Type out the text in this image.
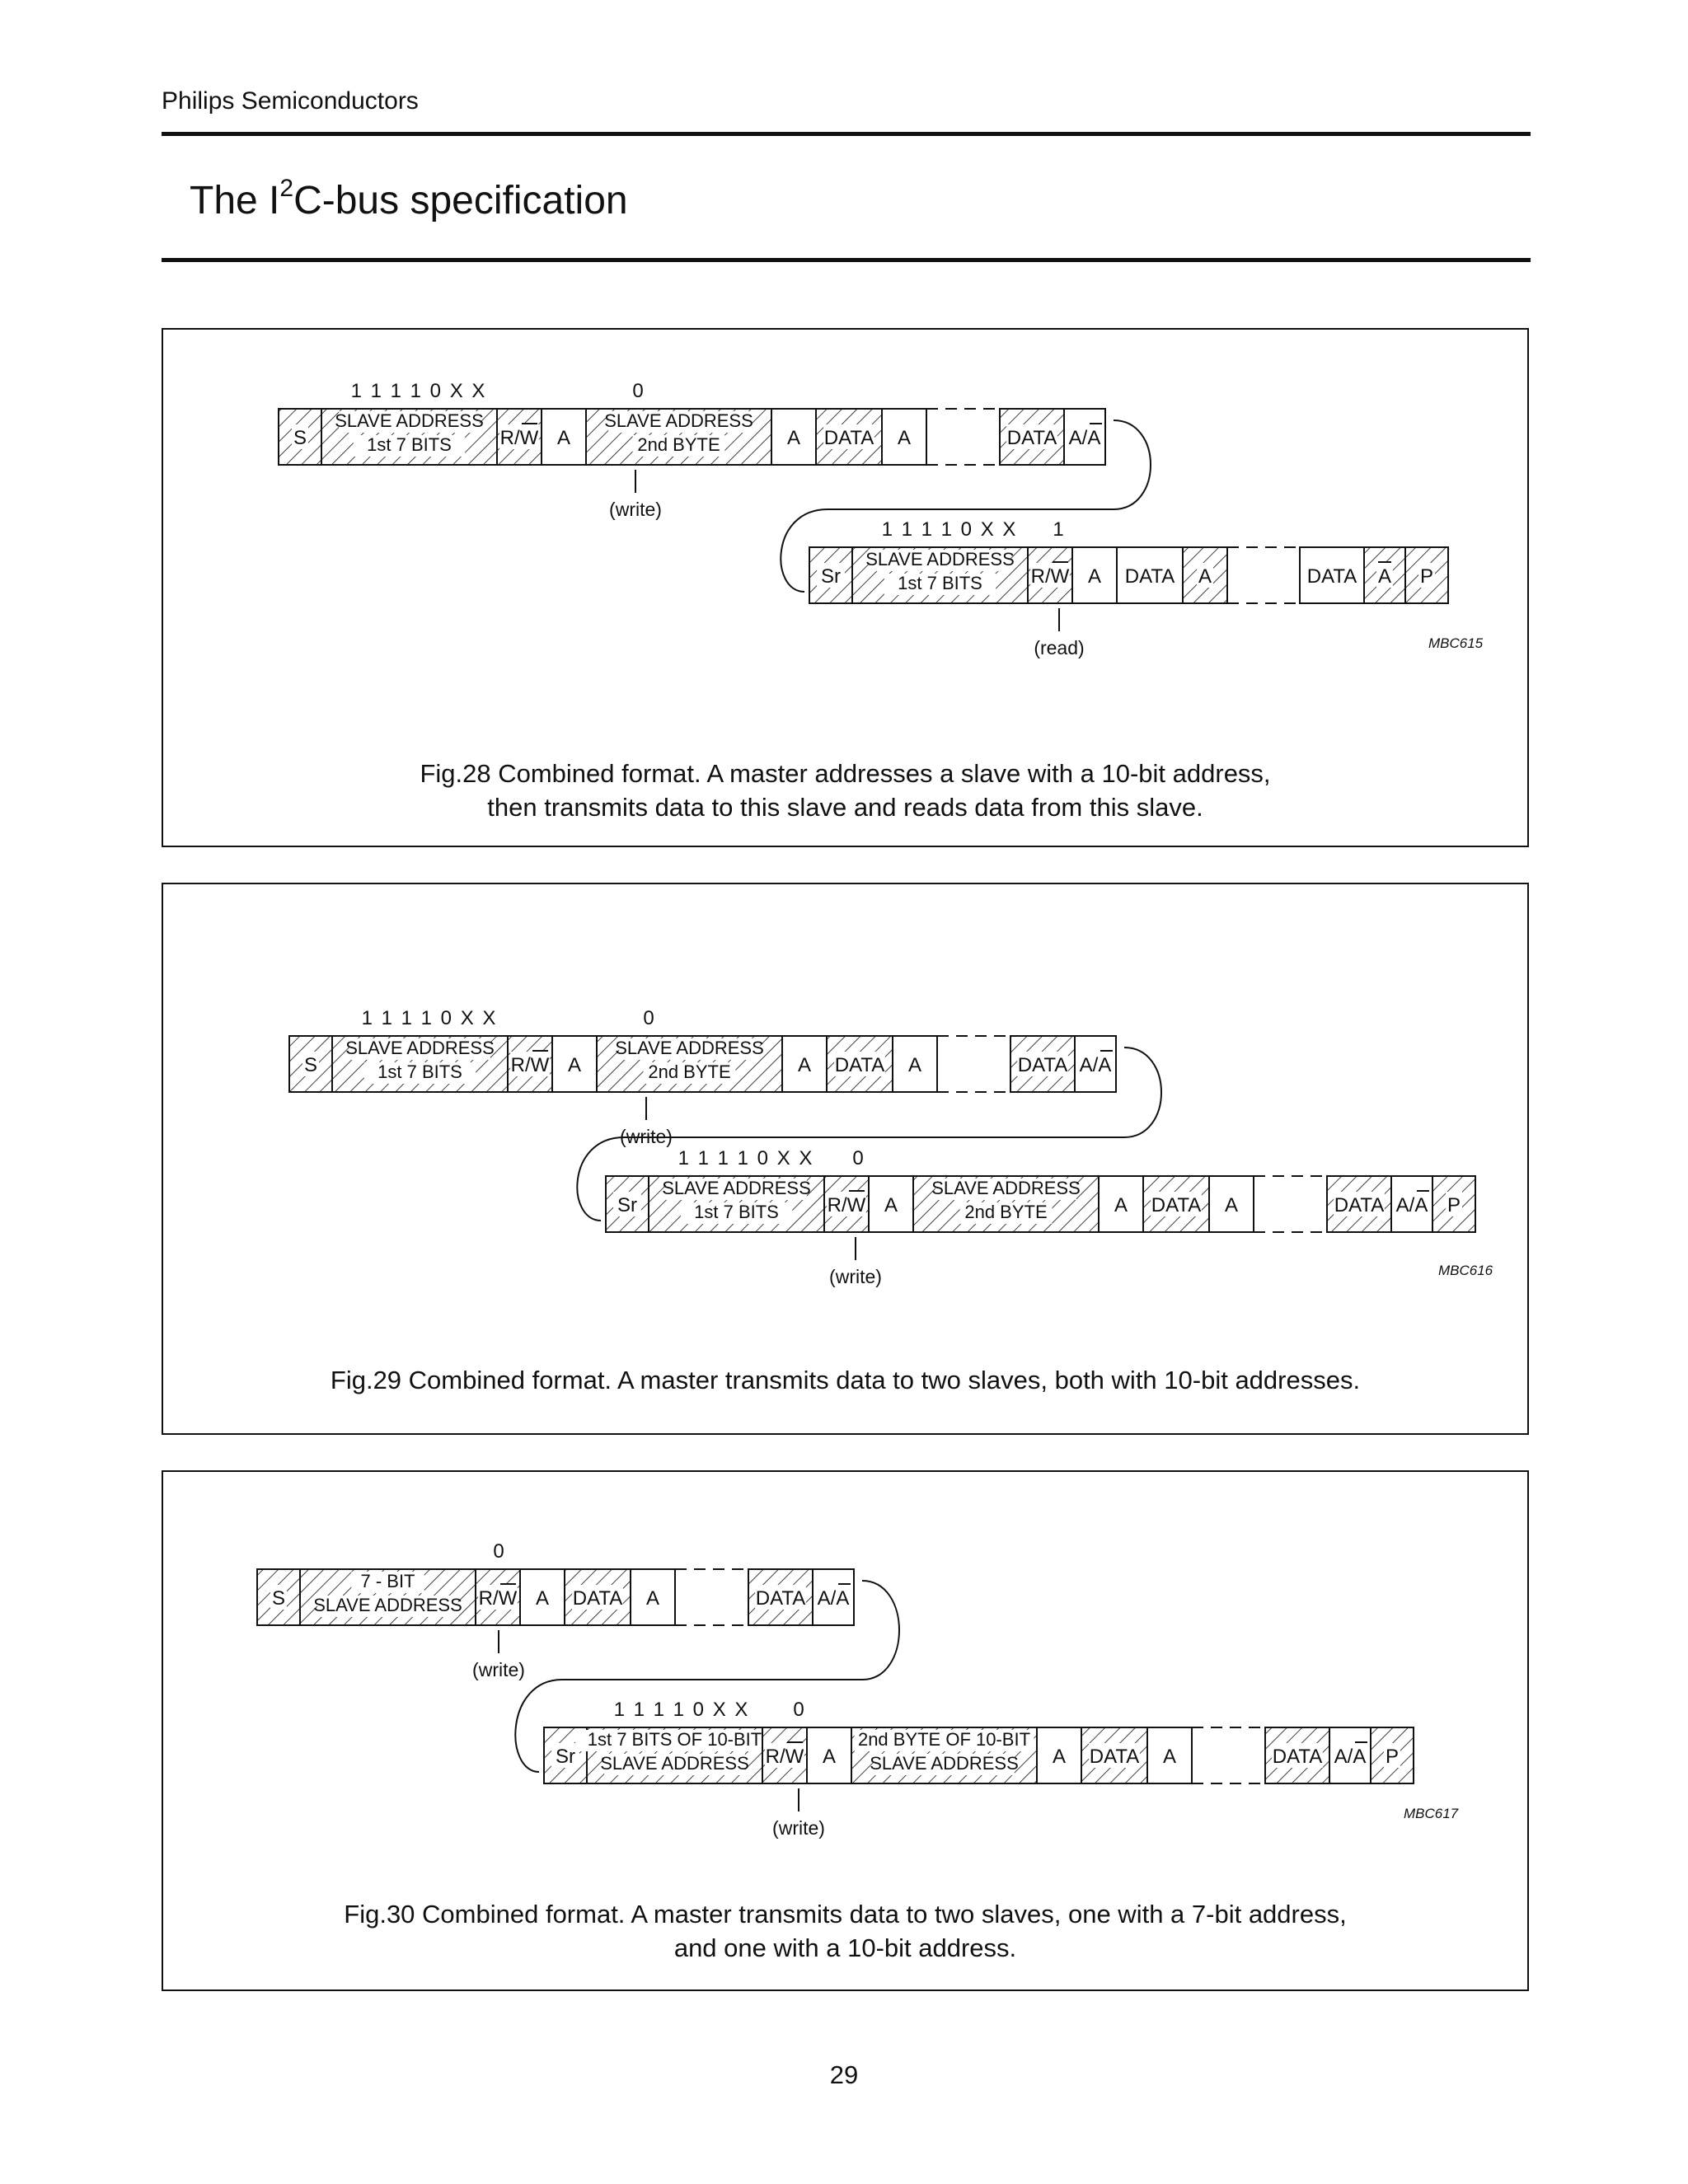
Philips Semiconductors
The $I^2C$-bus specification
S
SLAVE ADDRESS
1st 7 BITS R/W A
SLAVE ADDRESS
2nd BYTE	A DATA A	DATA A/A
1 1 1 1 0 X X	0
(write)
Sr
SLAVE ADDRESS
1st 7 BITS R/W A DATA A	DATA A P
1 1 1 1 0 X X 1
(read)	MBC615
Fig.28 Combined format. A master addresses a slave with a 10-bit address,
then transmits data to this slave and reads data from this slave.
S
SLAVE ADDRESS
1st 7 BITS R/W A
SLAVE ADDRESS
2nd BYTE	A DATA A	DATA A/A
1 1 1 1 0 X X	0
(write)
Sr
SLAVE ADDRESS
1st 7 BITS R/W A
SLAVE ADDRESS
2nd BYTE	A DATA A	DATA A/A P
1 1 1 1 0 X X 0
(write)	MBC616
Fig.29 Combined format. A master transmits data to two slaves, both with 10-bit addresses.
S
7 - BIT
SLAVE ADDRESS R/W A DATA A	DATA A/A
0
(write)
Sr
1st 7 BITS OF 10-BIT
SLAVE ADDRESS R/W A
2nd BYTE OF 10-BIT
SLAVE ADDRESS A DATA A	DATA A/A P
1 1 1 1 0 X X 0
(write)
MBC617
Fig.30 Combined format. A master transmits data to two slaves, one with a 7-bit address,
and one with a 10-bit address.
29
